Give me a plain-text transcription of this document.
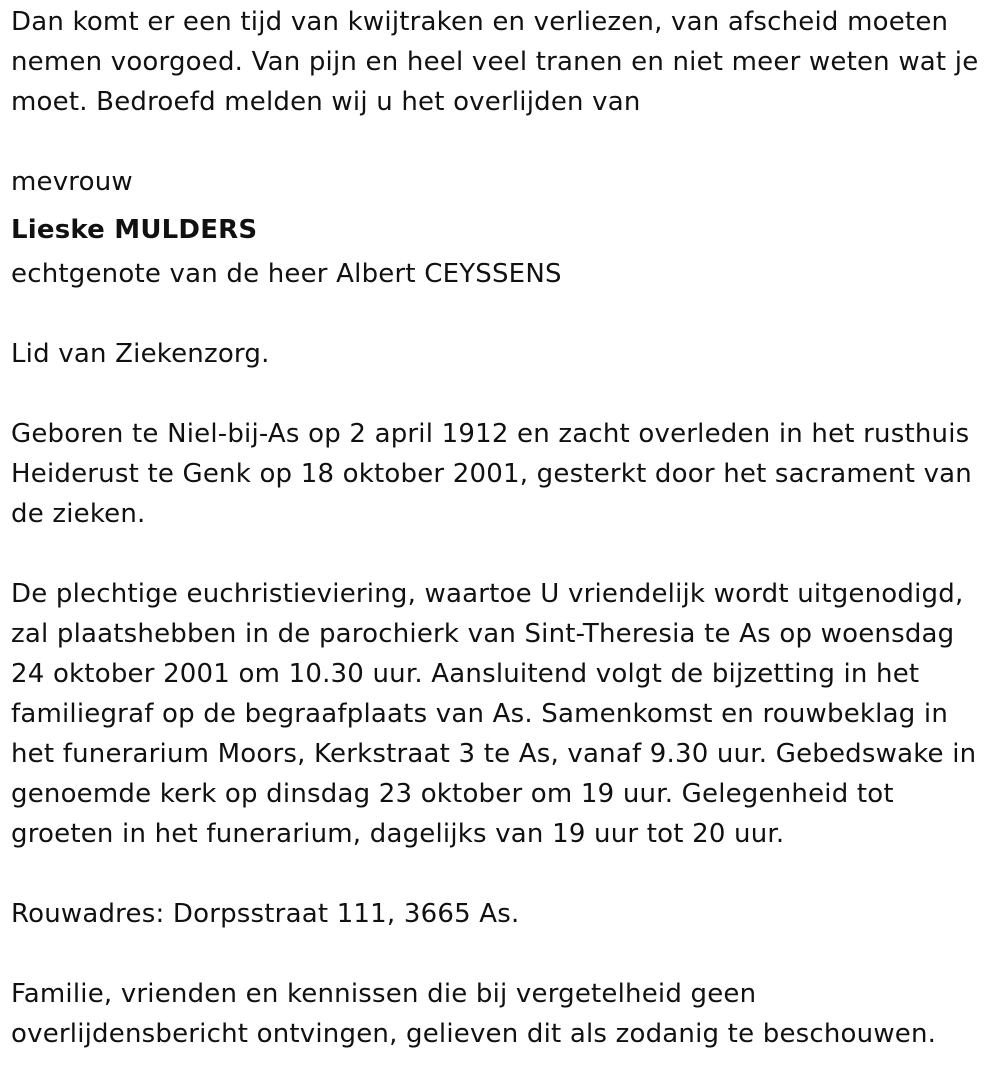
Dan komt er een tijd van kwijtraken en verliezen, van afscheid moeten
nemen voorgoed. Van pijn en heel veel tranen en niet meer weten wat je
moet. Bedroefd melden wij u het overlijden van

mevrouw

Lieske MULDERS

echtgenote van de heer Albert CEYSSENS

Lid van Ziekenzorg.

Geboren te Niel-bij-As op 2 april 1912 en zacht overleden in het rusthuis
Heiderust te Genk op 18 oktober 2001, gesterkt door het sacrament van
de zieken.

De plechtige euchristieviering, waartoe U vriendelijk wordt uitgenodigd,
zal plaatshebben in de parochierk van Sint-Theresia te As op woensdag
24 oktober 2001 om 10.30 uur. Aansluitend volgt de bijzetting in het
familiegraf op de begraafplaats van As. Samenkomst en rouwbeklag in
het funerarium Moors, Kerkstraat 3 te As, vanaf 9.30 uur. Gebedswake in
genoemde kerk op dinsdag 23 oktober om 19 uur. Gelegenheid tot
groeten in het funerarium, dagelijks van 19 uur tot 20 uur.

Rouwadres: Dorpsstraat 111, 3665 As.

Familie, vrienden en kennissen die bij vergetelheid geen
overlijdensbericht ontvingen, gelieven dit als zodanig te beschouwen.
